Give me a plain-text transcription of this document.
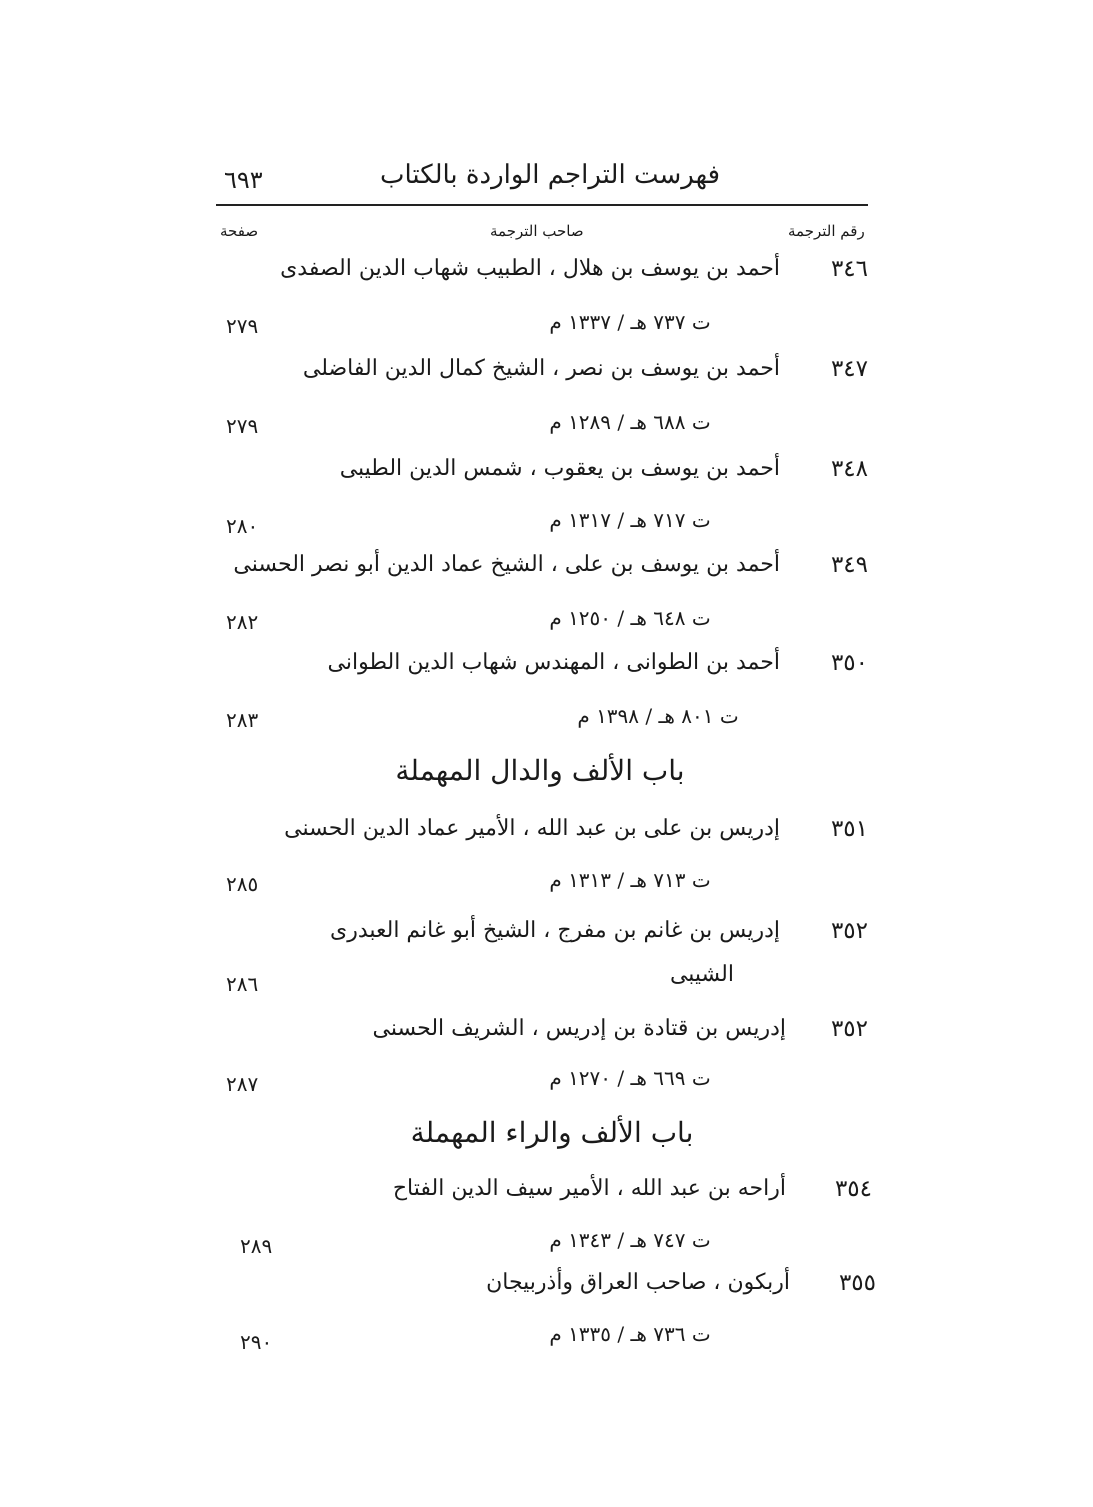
فهرست التراجم الواردة بالكتاب
٦٩٣
رقم الترجمة
صاحب الترجمة
صفحة
٣٤٦
أحمد بن يوسف بن هلال ، الطبيب شهاب الدين الصفدى
ت ٧٣٧ هـ / ١٣٣٧ م
٢٧٩
٣٤٧
أحمد بن يوسف بن نصر ، الشيخ كمال الدين الفاضلى
ت ٦٨٨ هـ / ١٢٨٩ م
٢٧٩
٣٤٨
أحمد بن يوسف بن يعقوب ، شمس الدين الطيبى
ت ٧١٧ هـ / ١٣١٧ م
٢٨٠
٣٤٩
أحمد بن يوسف بن على ، الشيخ عماد الدين أبو نصر الحسنى
ت ٦٤٨ هـ / ١٢٥٠ م
٢٨٢
٣٥٠
أحمد بن الطوانى ، المهندس شهاب الدين الطوانى
ت ٨٠١ هـ / ١٣٩٨ م
٢٨٣
باب الألف والدال المهملة
٣٥١
إدريس بن على بن عبد الله ، الأمير عماد الدين الحسنى
ت ٧١٣ هـ / ١٣١٣ م
٢٨٥
٣٥٢
إدريس بن غانم بن مفرج ، الشيخ أبو غانم العبدرى
الشيبى
٢٨٦
٣٥٢
إدريس بن قتادة بن إدريس ، الشريف الحسنى
ت ٦٦٩ هـ / ١٢٧٠ م
٢٨٧
باب الألف والراء المهملة
٣٥٤
أراحه بن عبد الله ، الأمير سيف الدين الفتاح
ت ٧٤٧ هـ / ١٣٤٣ م
٢٨٩
٣٥٥
أربكون ، صاحب العراق وأذربيجان
ت ٧٣٦ هـ / ١٣٣٥ م
٢٩٠
